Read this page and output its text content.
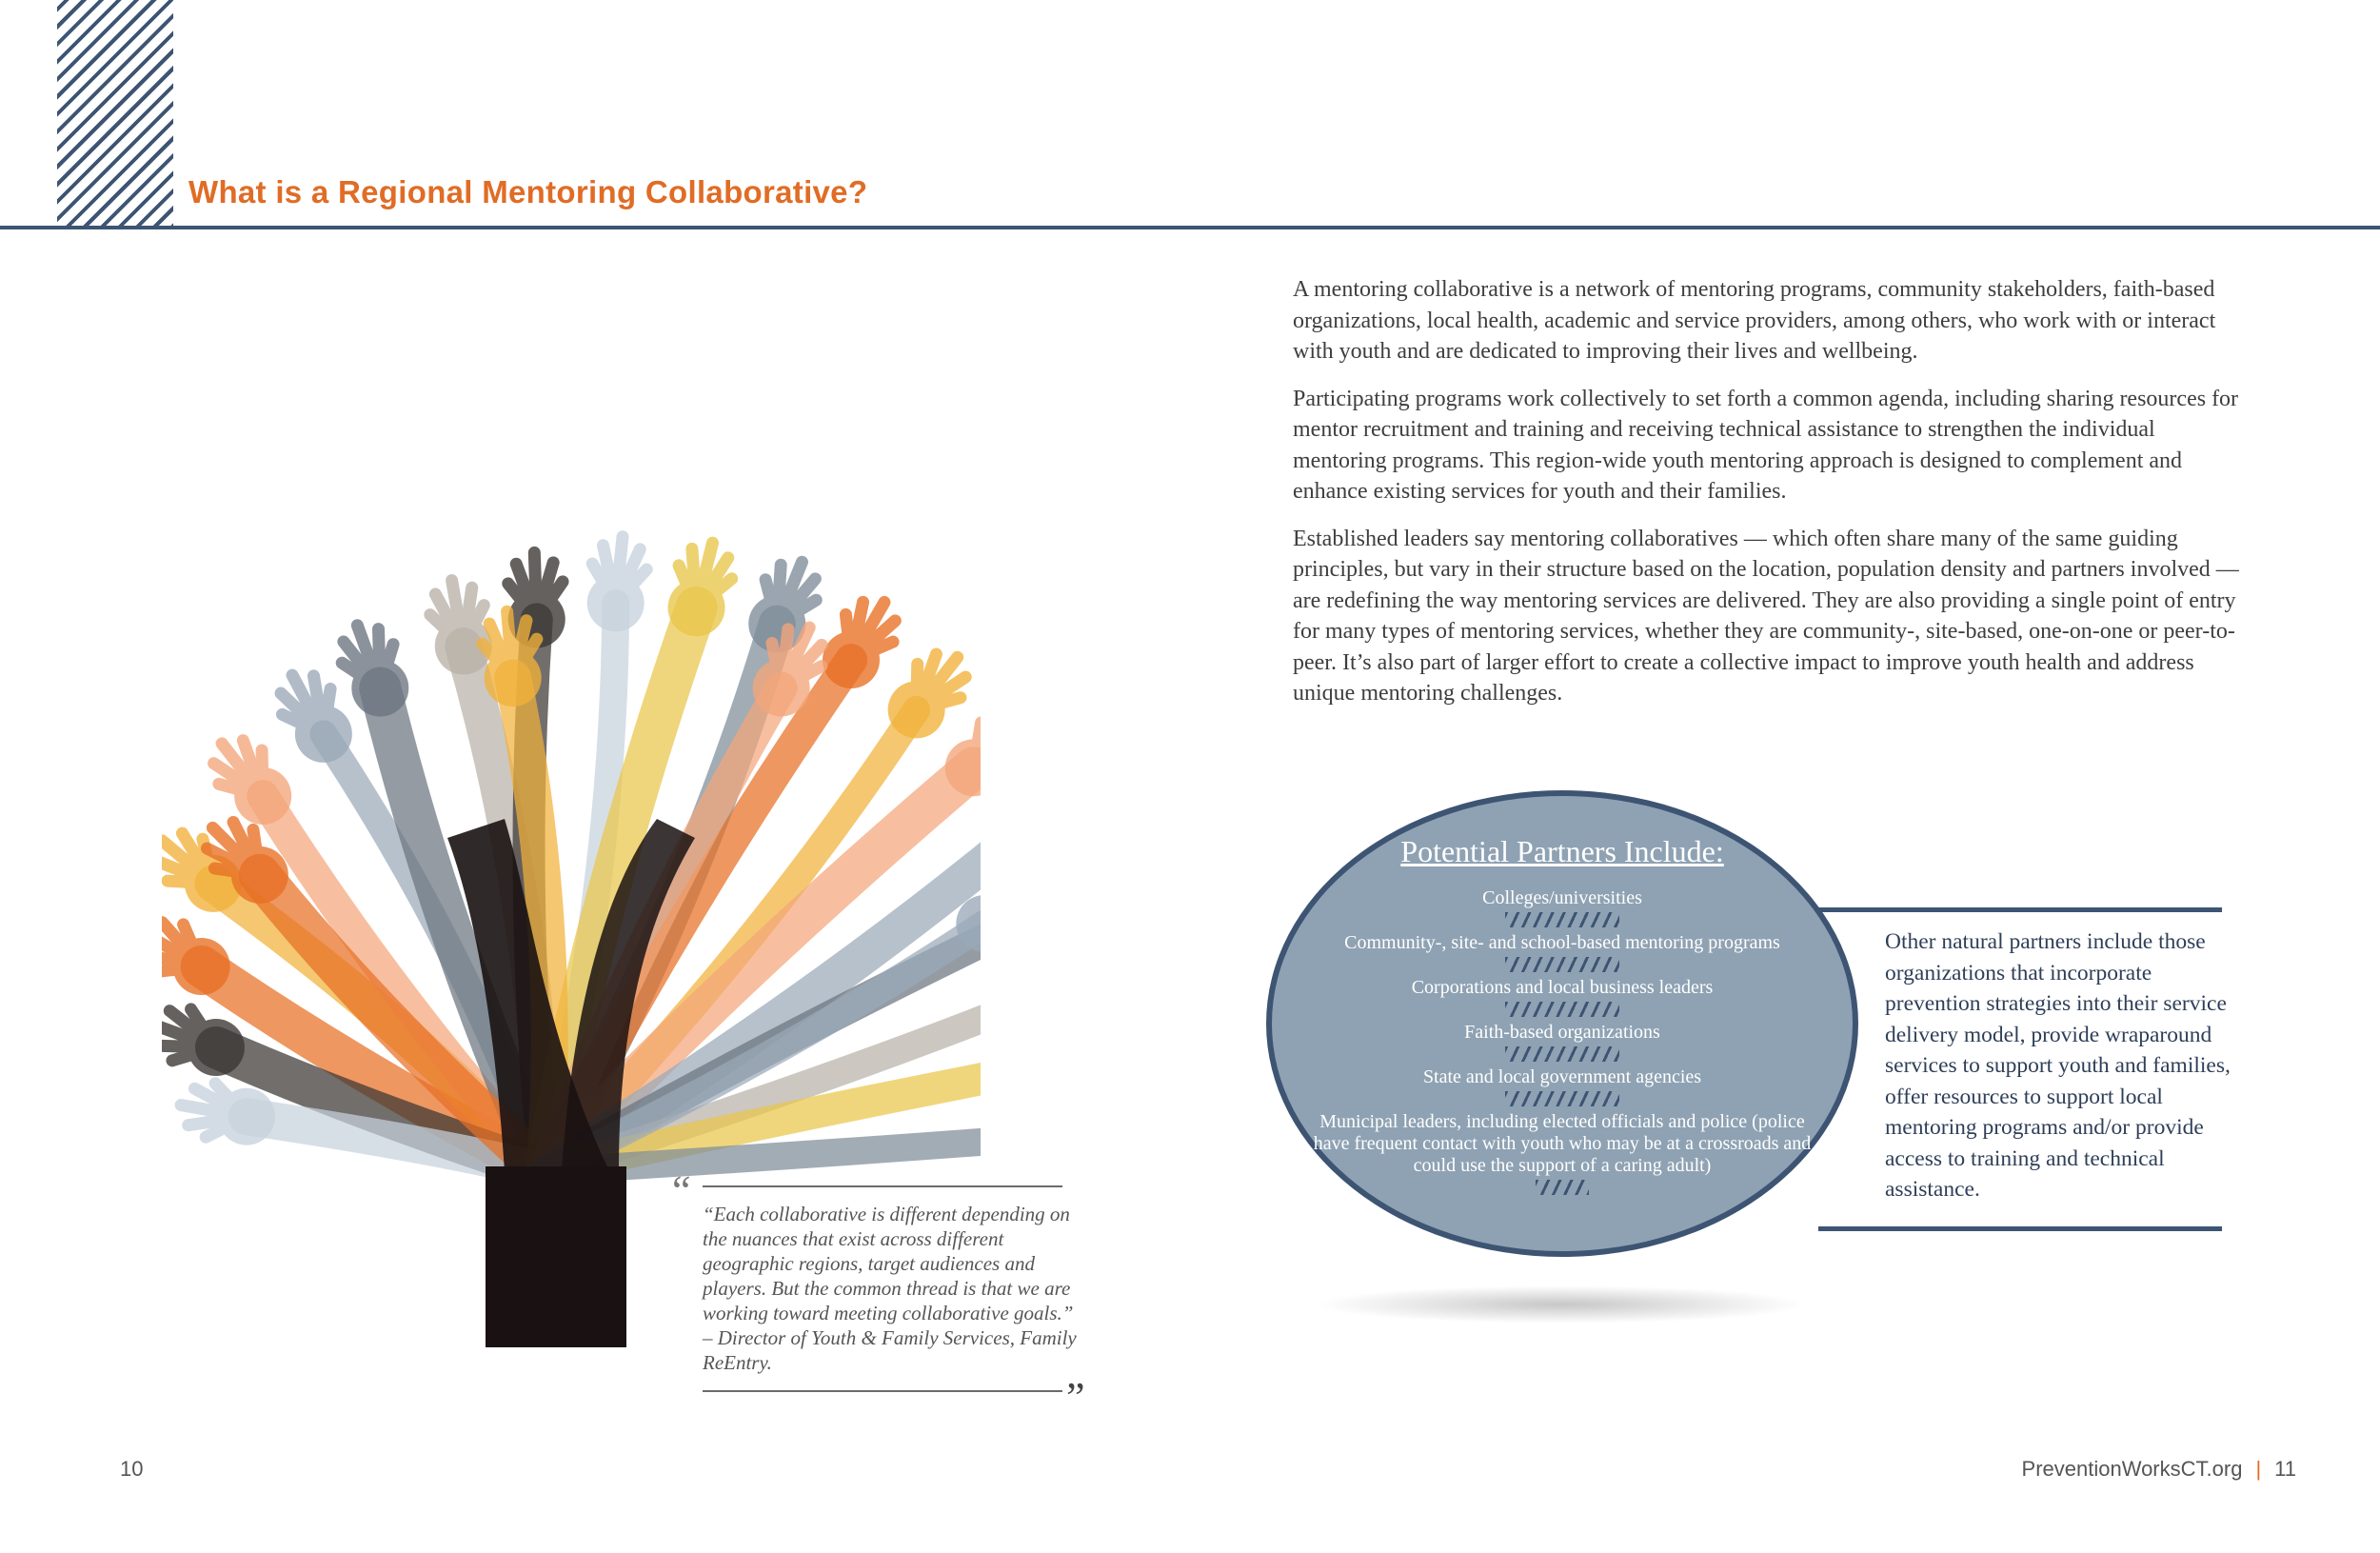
What is a Regional Mentoring Collaborative?
“ “Each collaborative is different depending on the nuances that exist across different geographic regions, target audiences and players. But the common thread is that we are working toward meeting collaborative goals.” – Director of Youth & Family Services, Family ReEntry.
”

A mentoring collaborative is a network of mentoring programs, community stakeholders, faith-based organizations, local health, academic and service providers, among others, who work with or interact with youth and are dedicated to improving their lives and wellbeing.

Participating programs work collectively to set forth a common agenda, including sharing resources for mentor recruitment and training and receiving technical assistance to strengthen the individual mentoring programs. This region-wide youth mentoring approach is designed to complement and enhance existing services for youth and their families.

Established leaders say mentoring collaboratives — which often share many of the same guiding principles, but vary in their structure based on the location, population density and partners involved — are redefining the way mentoring services are delivered. They are also providing a single point of entry for many types of mentoring services, whether they are community-, site-based, one-on-one or peer-to-peer. It’s also part of larger effort to create a collective impact to improve youth health and address unique mentoring challenges.

Potential Partners Include:
Colleges/universities
Community-, site- and school-based mentoring programs
Corporations and local business leaders
Faith-based organizations
State and local government agencies
Municipal leaders, including elected officials and police (police have frequent contact with youth who may be at a crossroads and could use the support of a caring adult)
Other natural partners include those organizations that incorporate prevention strategies into their service delivery model, provide wraparound services to support youth and families, offer resources to support local mentoring programs and/or provide access to training and technical assistance.
10	PreventionWorksCT.org | 11
